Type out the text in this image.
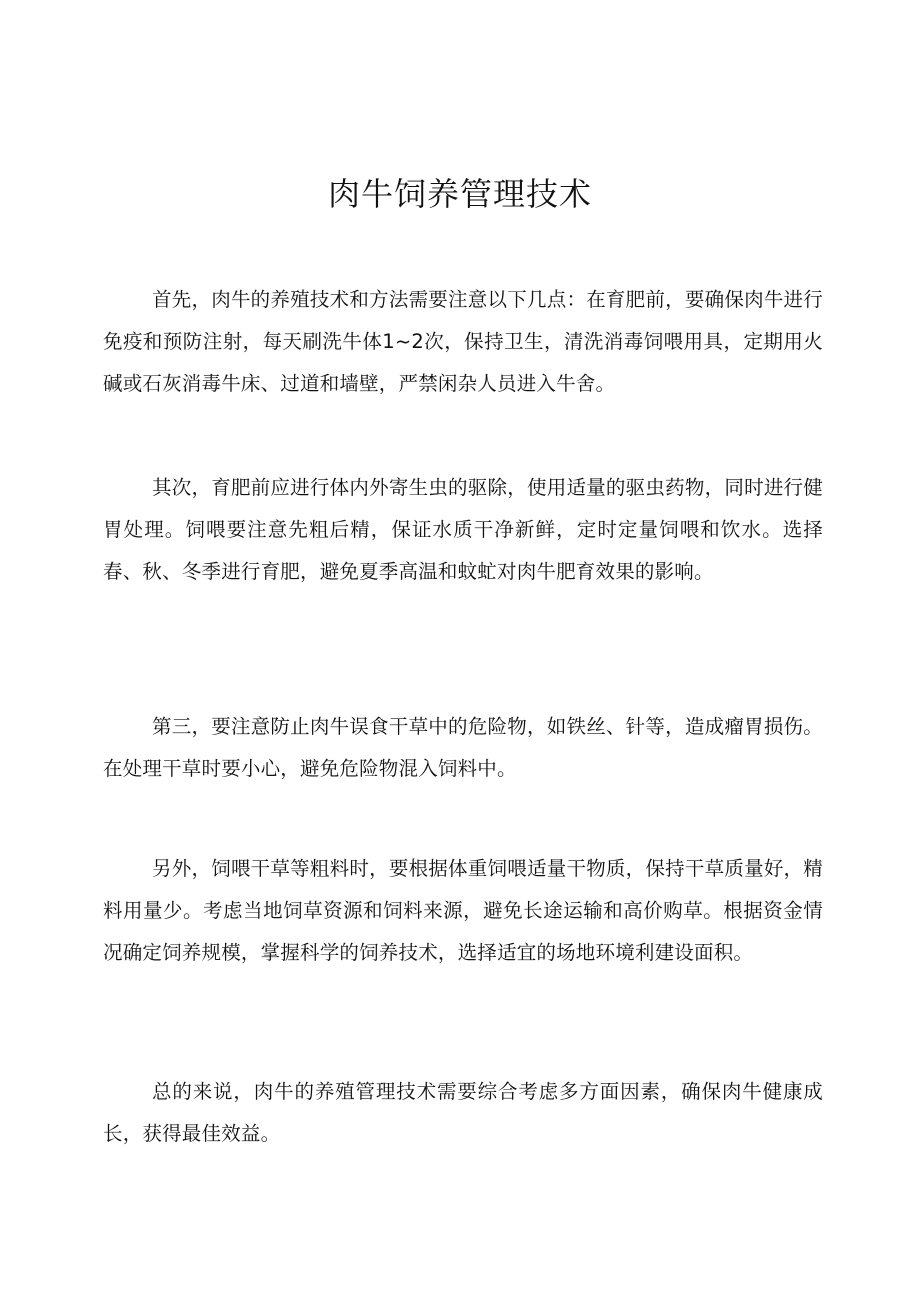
肉牛饲养管理技术

首先，肉牛的养殖技术和方法需要注意以下几点：在育肥前，要确保肉牛进行免疫和预防注射，每天刷洗牛体1~2次，保持卫生，清洗消毒饲喂用具，定期用火碱或石灰消毒牛床、过道和墙壁，严禁闲杂人员进入牛舍。

其次，育肥前应进行体内外寄生虫的驱除，使用适量的驱虫药物，同时进行健胃处理。饲喂要注意先粗后精，保证水质干净新鲜，定时定量饲喂和饮水。选择春、秋、冬季进行育肥，避免夏季高温和蚊虻对肉牛肥育效果的影响。

第三，要注意防止肉牛误食干草中的危险物，如铁丝、针等，造成瘤胃损伤。在处理干草时要小心，避免危险物混入饲料中。

另外，饲喂干草等粗料时，要根据体重饲喂适量干物质，保持干草质量好，精料用量少。考虑当地饲草资源和饲料来源，避免长途运输和高价购草。根据资金情况确定饲养规模，掌握科学的饲养技术，选择适宜的场地环境利建设面积。

总的来说，肉牛的养殖管理技术需要综合考虑多方面因素，确保肉牛健康成长，获得最佳效益。
